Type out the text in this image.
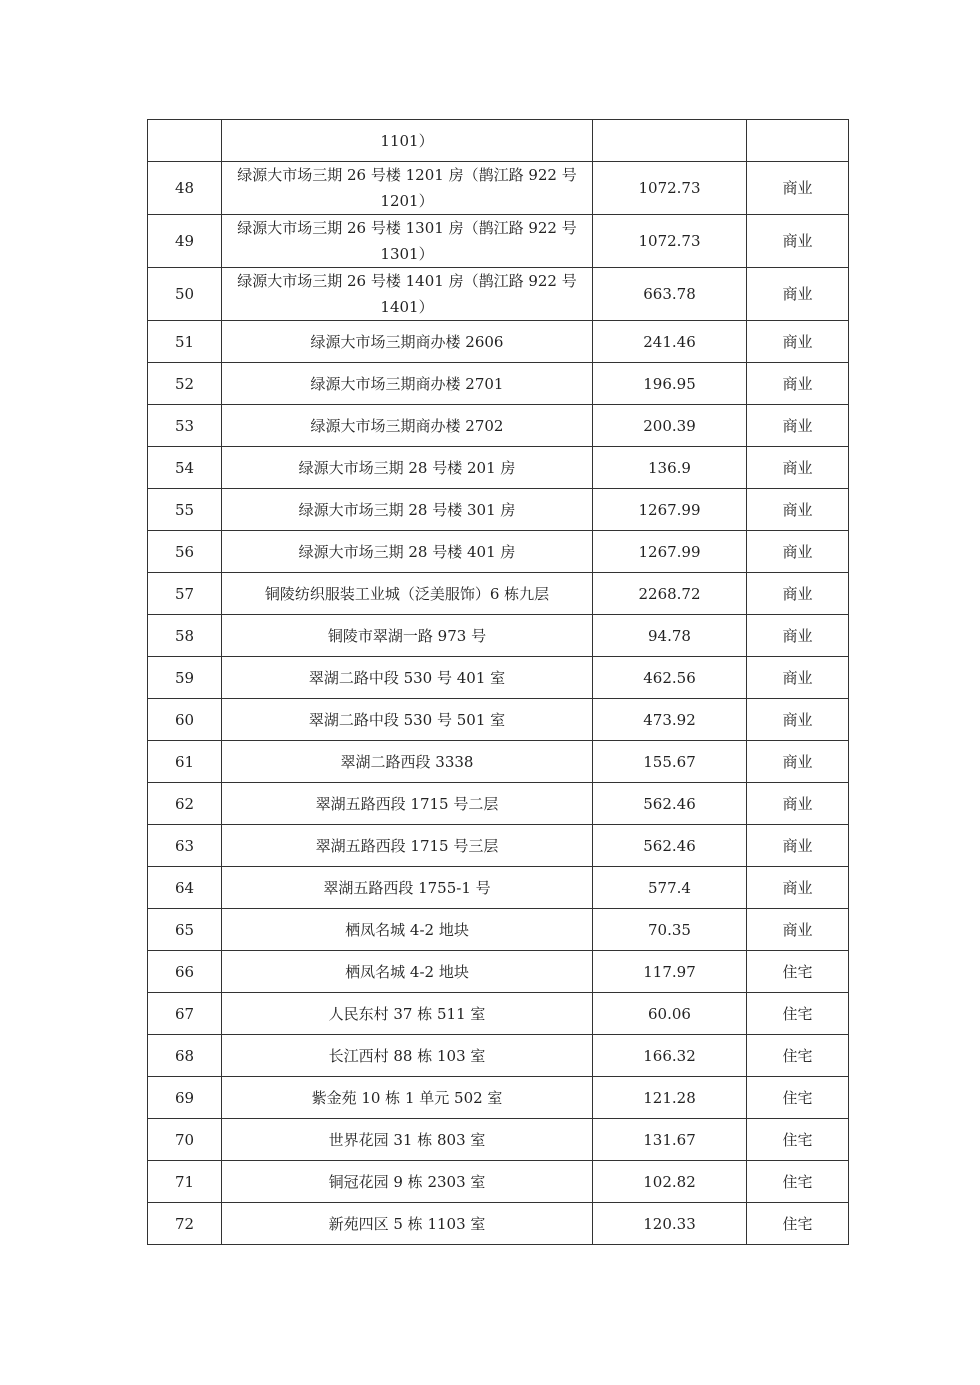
	1101）		
48	绿源大市场三期 26 号楼 1201 房（鹊江路 922 号 1201）	1072.73	商业
49	绿源大市场三期 26 号楼 1301 房（鹊江路 922 号 1301）	1072.73	商业
50	绿源大市场三期 26 号楼 1401 房（鹊江路 922 号 1401）	663.78	商业
51	绿源大市场三期商办楼 2606	241.46	商业
52	绿源大市场三期商办楼 2701	196.95	商业
53	绿源大市场三期商办楼 2702	200.39	商业
54	绿源大市场三期 28 号楼 201 房	136.9	商业
55	绿源大市场三期 28 号楼 301 房	1267.99	商业
56	绿源大市场三期 28 号楼 401 房	1267.99	商业
57	铜陵纺织服装工业城（泛美服饰）6 栋九层	2268.72	商业
58	铜陵市翠湖一路 973 号	94.78	商业
59	翠湖二路中段 530 号 401 室	462.56	商业
60	翠湖二路中段 530 号 501 室	473.92	商业
61	翠湖二路西段 3338	155.67	商业
62	翠湖五路西段 1715 号二层	562.46	商业
63	翠湖五路西段 1715 号三层	562.46	商业
64	翠湖五路西段 1755-1 号	577.4	商业
65	栖凤名城 4-2 地块	70.35	商业
66	栖凤名城 4-2 地块	117.97	住宅
67	人民东村 37 栋 511 室	60.06	住宅
68	长江西村 88 栋 103 室	166.32	住宅
69	紫金苑 10 栋 1 单元 502 室	121.28	住宅
70	世界花园 31 栋 803 室	131.67	住宅
71	铜冠花园 9 栋 2303 室	102.82	住宅
72	新苑四区 5 栋 1103 室	120.33	住宅
